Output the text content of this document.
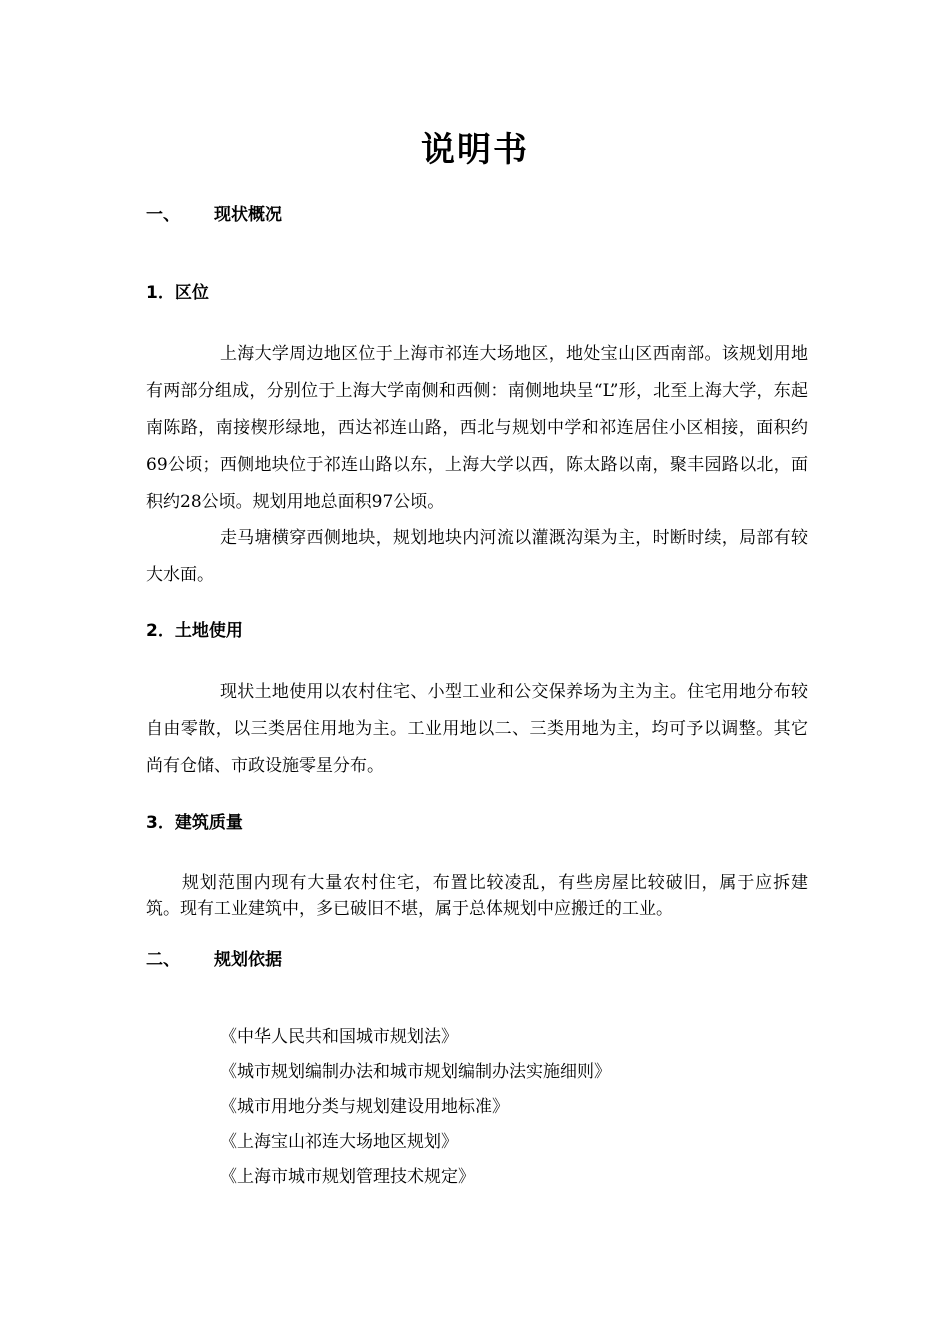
说明书
一、 现状概况
1．区位

上海大学周边地区位于上海市祁连大场地区，地处宝山区西南部。该规划用地有两部分组成，分别位于上海大学南侧和西侧：南侧地块呈“L”形，北至上海大学，东起南陈路，南接楔形绿地，西达祁连山路，西北与规划中学和祁连居住小区相接，面积约69公顷；西侧地块位于祁连山路以东，上海大学以西，陈太路以南，聚丰园路以北，面积约28公顷。规划用地总面积97公顷。

走马塘横穿西侧地块，规划地块内河流以灌溉沟渠为主，时断时续，局部有较大水面。

2．土地使用

现状土地使用以农村住宅、小型工业和公交保养场为主为主。住宅用地分布较自由零散，以三类居住用地为主。工业用地以二、三类用地为主，均可予以调整。其它尚有仓储、市政设施零星分布。

3．建筑质量

规划范围内现有大量农村住宅，布置比较凌乱，有些房屋比较破旧，属于应拆建筑。现有工业建筑中，多已破旧不堪，属于总体规划中应搬迁的工业。

二、 规划依据
《中华人民共和国城市规划法》
《城市规划编制办法和城市规划编制办法实施细则》
《城市用地分类与规划建设用地标准》
《上海宝山祁连大场地区规划》
《上海市城市规划管理技术规定》
